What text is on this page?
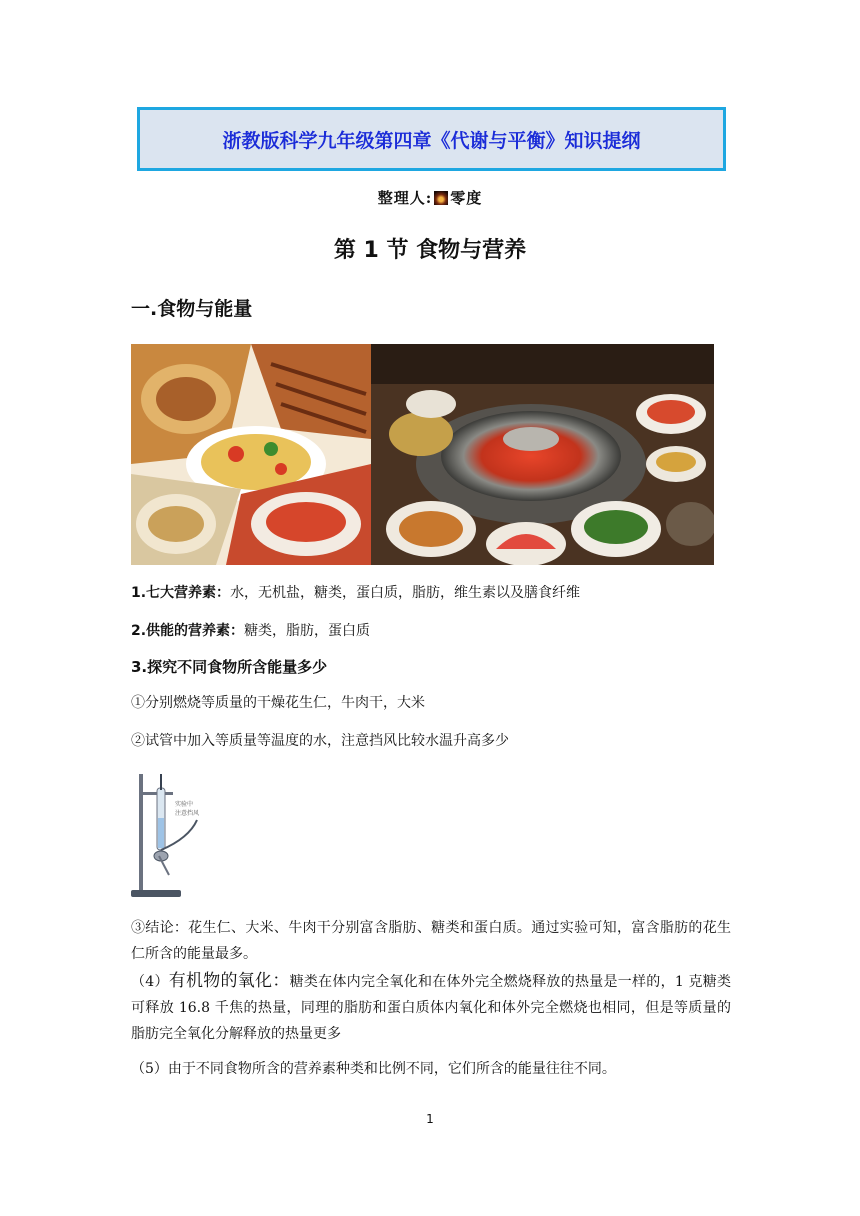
浙教版科学九年级第四章《代谢与平衡》知识提纲
整理人: 零度
第 1 节 食物与营养
一.食物与能量
1.七大营养素：水，无机盐，糖类，蛋白质，脂肪，维生素以及膳食纤维
2.供能的营养素：糖类，脂肪，蛋白质
3.探究不同食物所含能量多少
①分别燃烧等质量的干燥花生仁，牛肉干，大米
②试管中加入等质量等温度的水，注意挡风比较水温升高多少
实验中
注意挡风
③结论：花生仁、大米、牛肉干分别富含脂肪、糖类和蛋白质。通过实验可知，富含脂肪的花生仁所含的能量最多。
（4）有机物的氧化：糖类在体内完全氧化和在体外完全燃烧释放的热量是一样的，1 克糖类可释放 16.8 千焦的热量，同理的脂肪和蛋白质体内氧化和体外完全燃烧也相同，但是等质量的脂肪完全氧化分解释放的热量更多
（5）由于不同食物所含的营养素种类和比例不同，它们所含的能量往往不同。
1
